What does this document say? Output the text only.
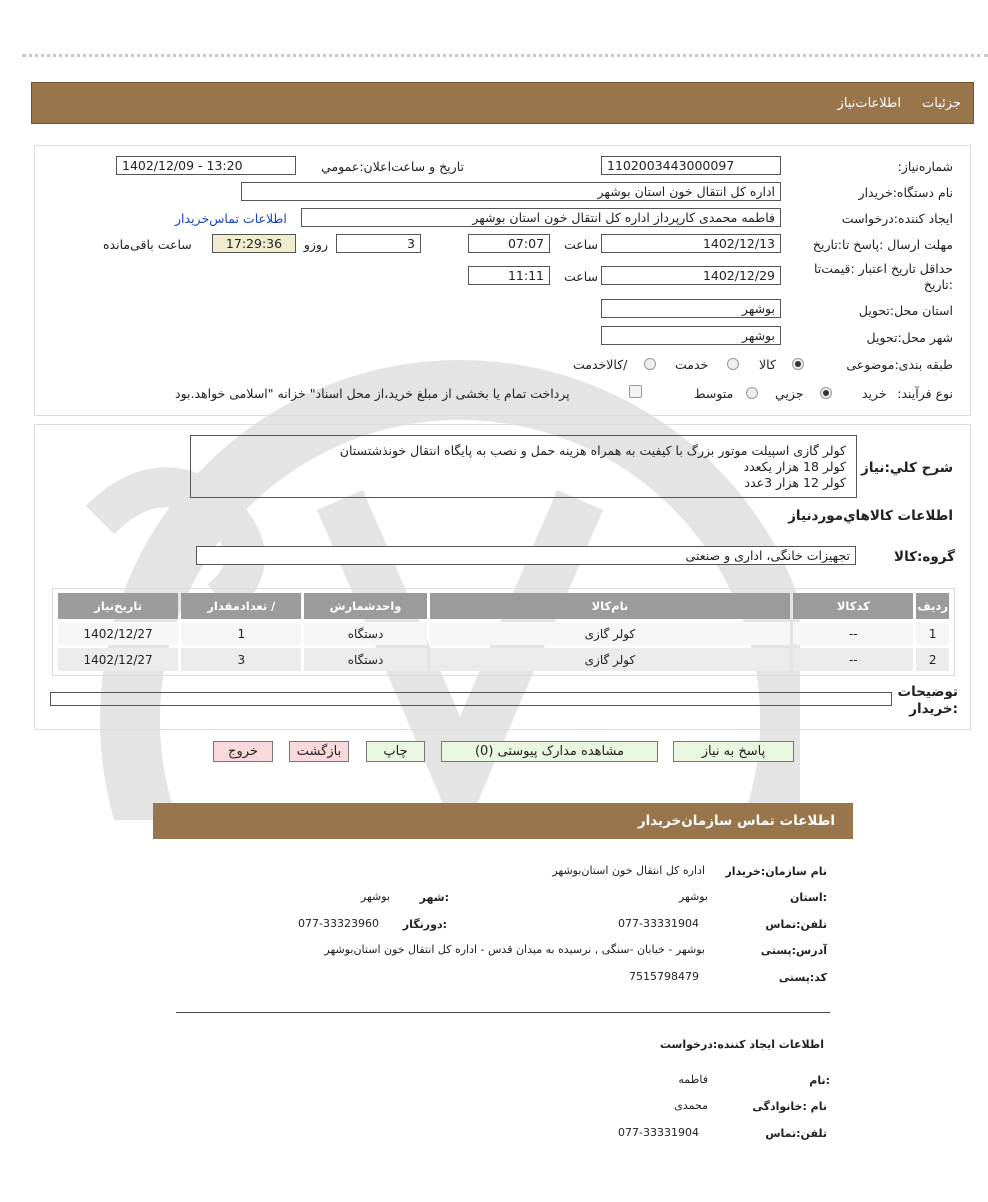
جزئیات
اطلاعات‌نیاز
شماره‌نیاز:
1102003443000097
تاریخ و ساعت‌اعلان‌:عمومي
1402/12/09 - 13:20
نام دستگاه‌:خریدار
اداره کل انتقال خون استان بوشهر
ایجاد کننده‌:درخواست
فاطمه محمدی کارپرداز اداره کل انتقال خون استان بوشهر
اطلاعات تماس‌خریدار
مهلت ارسال :پاسخ تا‌:تاریخ
1402/12/13
ساعت
07:07
3
روزو
17:29:36
ساعت باقی‌مانده
حداقل تاریخ اعتبار :قیمت‌تا
:تاریخ
1402/12/29
ساعت
11:11
استان محل‌:تحویل
بوشهر
شهر محل‌:تحویل
بوشهر
طبقه بندی‌:موضوعی
کالا
خدمت
/کالاخدمت
نوع فرآیند:
خرید
جزیي
متوسط
پرداخت تمام یا بخشی از مبلغ خرید،از محل اسناد" خزانه "اسلامی خواهد.بود
شرح کلي:نیاز
کولر گازی اسپیلت موتور بزرگ با کیفیت به همراه هزینه حمل و نصب به پایگاه انتقال خونذشتستان
کولر 18 هزار یکعدد
کولر 12 هزار 3عدد
اطلاعات کالاهاي‌موردنیاز
گروه:کالا
تجهیزات خانگی، اداری و صنعتی
ردیف	کدکالا	نام‌کالا	واحدشمارش	/ تعدادمقدار	تاریخ‌نیاز
1	--	کولر گازی	دستگاه	1	1402/12/27
2	--	کولر گازی	دستگاه	3	1402/12/27
توضیحات
:خریدار
پاسخ به نیاز
مشاهده مدارک پیوستی (0)
چاپ
بازگشت
خروج
اطلاعات تماس سازمان‌خریدار
نام سازمان:خریدار
اداره کل انتقال خون استان‌بوشهر
:استان
بوشهر
:شهر
بوشهر
تلفن:تماس
077-33331904
:دورنگار
077-33323960
آدرس:پستی
بوشهر - خیابان -سنگی , نرسیده به میدان قدس - اداره کل انتقال خون استان‌بوشهر
کد:پستی
7515798479
اطلاعات ایجاد کننده‌:درخواست
:نام
فاطمه
نام :خانوادگی
محمدی
تلفن:تماس
077-33331904
